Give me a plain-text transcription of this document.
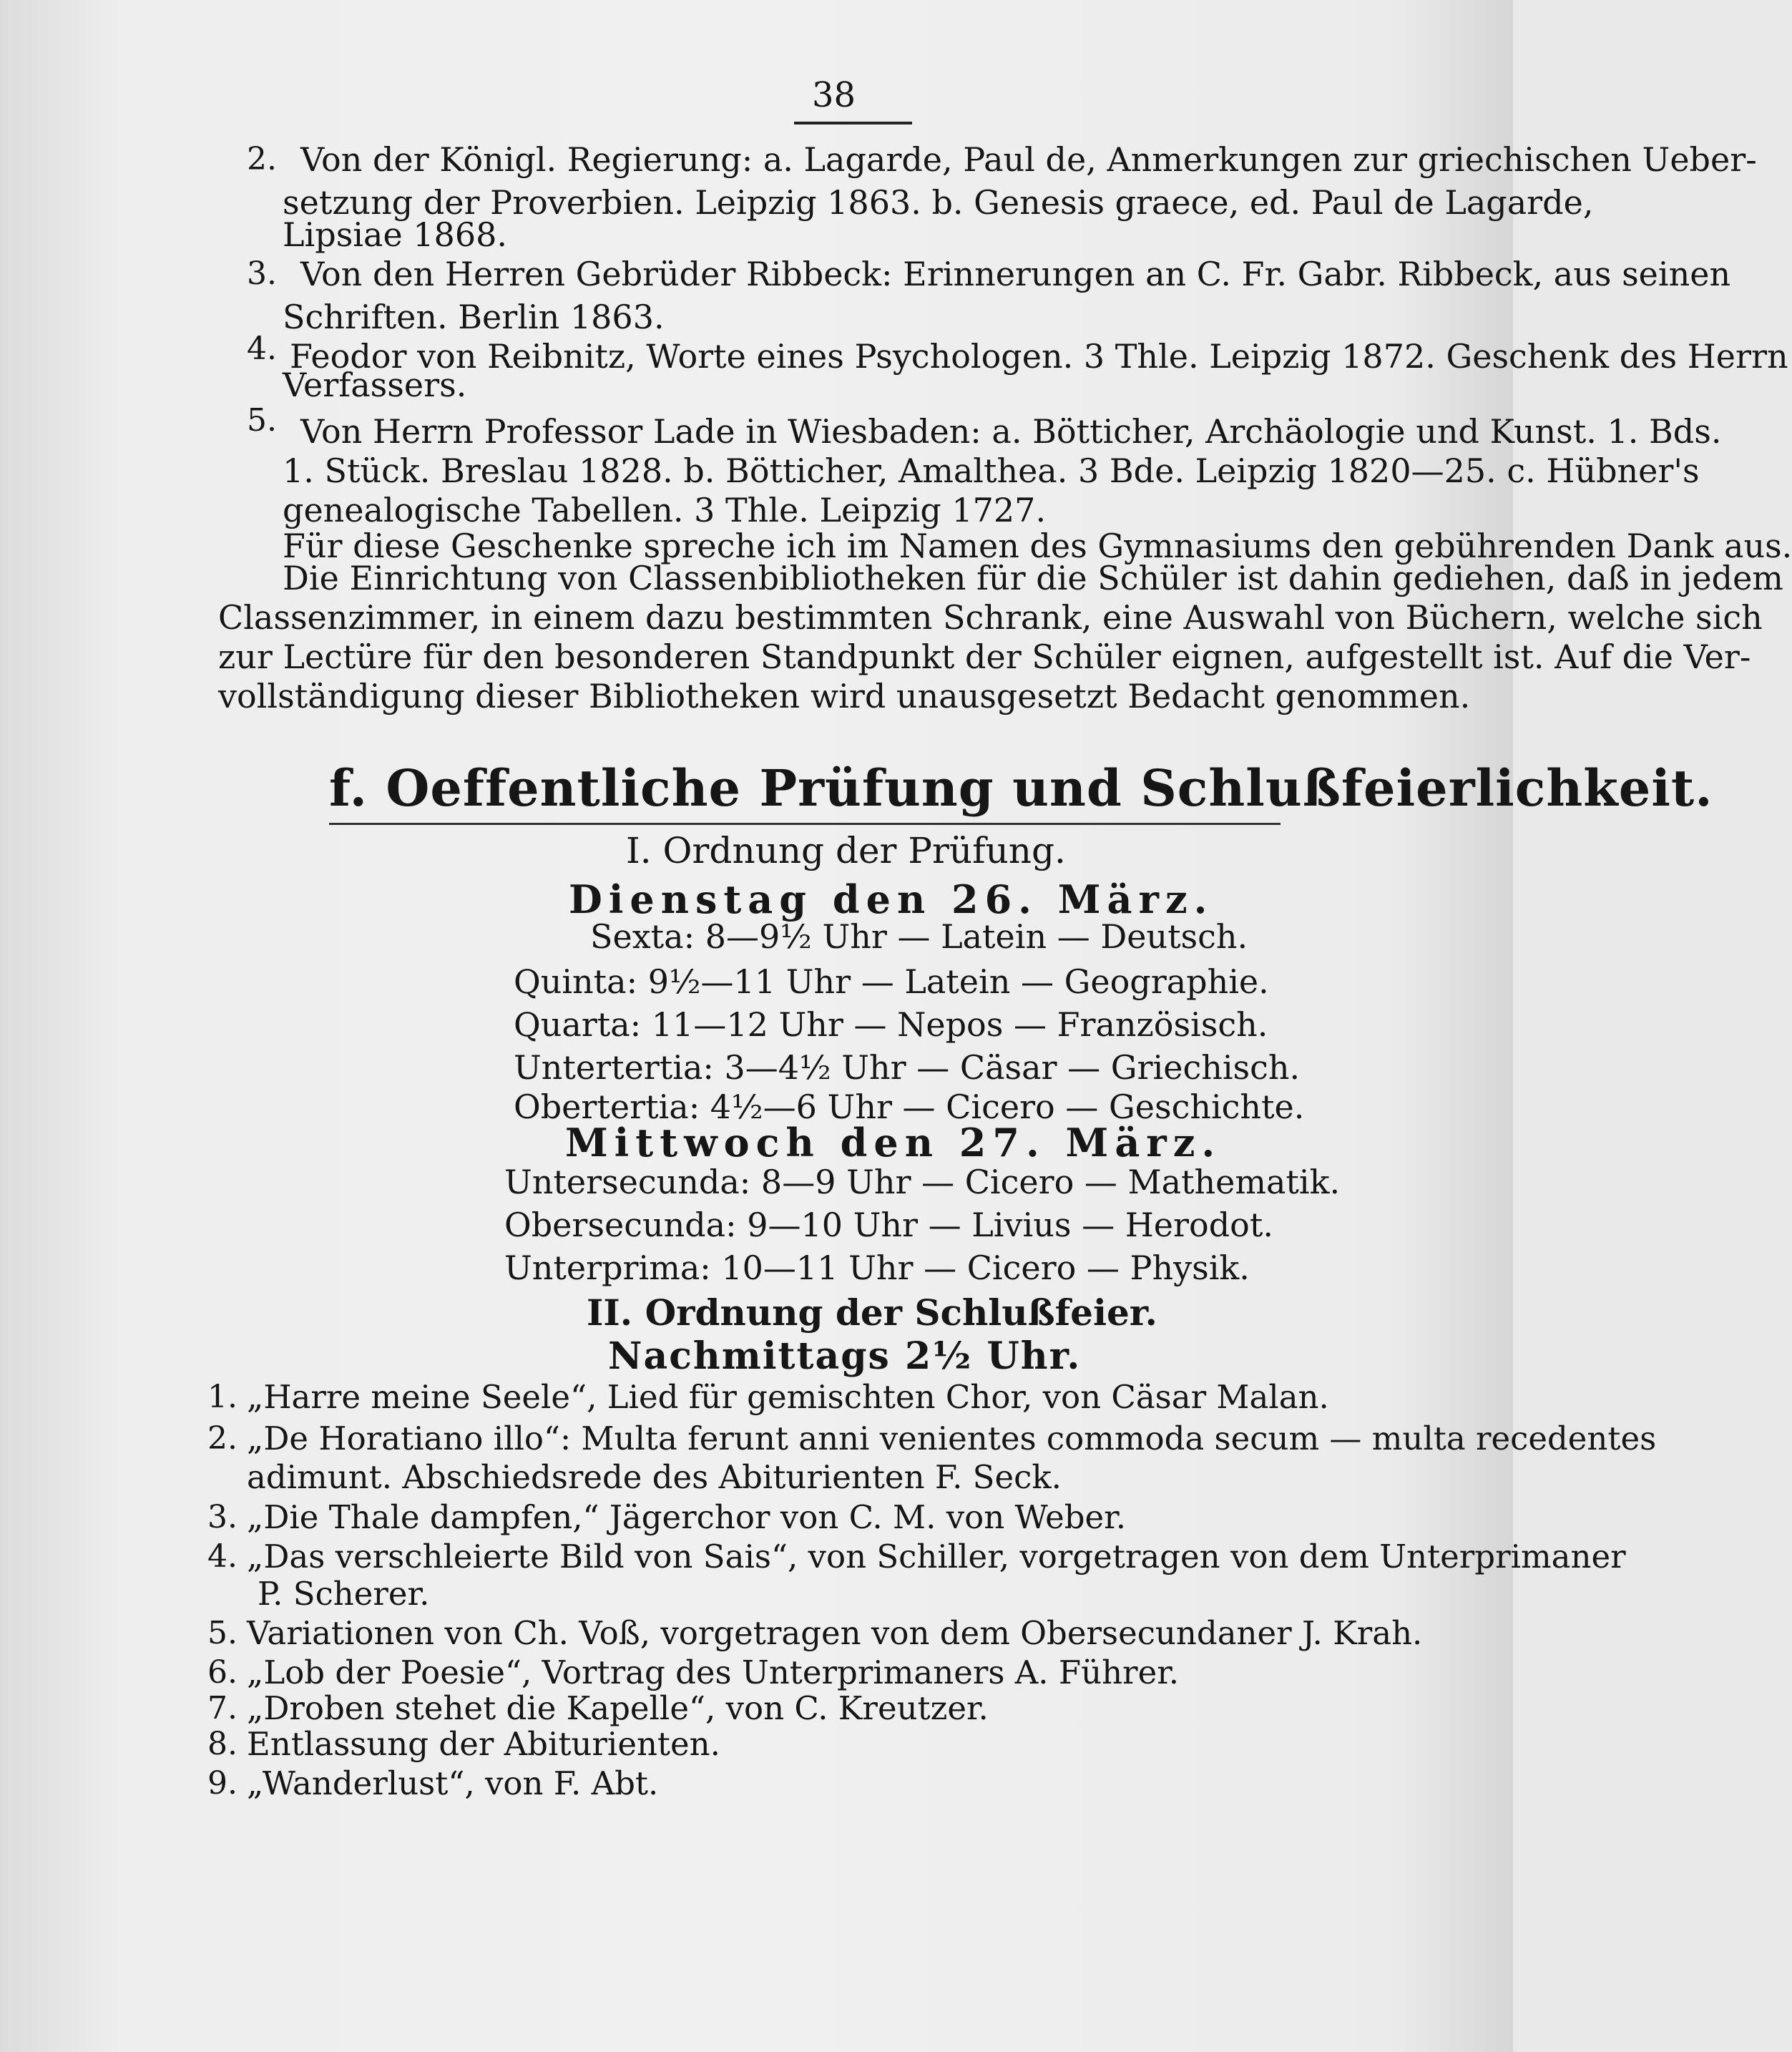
38
2. Von der Königl. Regierung: a. Lagarde, Paul de, Anmerkungen zur griechischen Ueber-
setzung der Proverbien. Leipzig 1863. b. Genesis graece, ed. Paul de Lagarde,
Lipsiae 1868.
3. Von den Herren Gebrüder Ribbeck: Erinnerungen an C. Fr. Gabr. Ribbeck, aus seinen
Schriften. Berlin 1863.
4. Feodor von Reibnitz, Worte eines Psychologen. 3 Thle. Leipzig 1872. Geschenk des Herrn
Verfassers.
5. Von Herrn Professor Lade in Wiesbaden: a. Bötticher, Archäologie und Kunst. 1. Bds.
1. Stück. Breslau 1828. b. Bötticher, Amalthea. 3 Bde. Leipzig 1820—25. c. Hübner's
genealogische Tabellen. 3 Thle. Leipzig 1727.
Für diese Geschenke spreche ich im Namen des Gymnasiums den gebührenden Dank aus.
Die Einrichtung von Classenbibliotheken für die Schüler ist dahin gediehen, daß in jedem
Classenzimmer, in einem dazu bestimmten Schrank, eine Auswahl von Büchern, welche sich
zur Lectüre für den besonderen Standpunkt der Schüler eignen, aufgestellt ist. Auf die Ver-
vollständigung dieser Bibliotheken wird unausgesetzt Bedacht genommen.
f. Oeffentliche Prüfung und Schlußfeierlichkeit.
I. Ordnung der Prüfung.
Dienstag den 26. März.
Sexta: 8—9½ Uhr — Latein — Deutsch.
Quinta: 9½—11 Uhr — Latein — Geographie.
Quarta: 11—12 Uhr — Nepos — Französisch.
Untertertia: 3—4½ Uhr — Cäsar — Griechisch.
Obertertia: 4½—6 Uhr — Cicero — Geschichte.
Mittwoch den 27. März.
Untersecunda: 8—9 Uhr — Cicero — Mathematik.
Obersecunda: 9—10 Uhr — Livius — Herodot.
Unterprima: 10—11 Uhr — Cicero — Physik.
II. Ordnung der Schlußfeier.
Nachmittags 2½ Uhr.
1. „Harre meine Seele“, Lied für gemischten Chor, von Cäsar Malan.
2. „De Horatiano illo“: Multa ferunt anni venientes commoda secum — multa recedentes
adimunt. Abschiedsrede des Abiturienten F. Seck.
3. „Die Thale dampfen,“ Jägerchor von C. M. von Weber.
4. „Das verschleierte Bild von Sais“, von Schiller, vorgetragen von dem Unterprimaner
P. Scherer.
5. Variationen von Ch. Voß, vorgetragen von dem Obersecundaner J. Krah.
6. „Lob der Poesie“, Vortrag des Unterprimaners A. Führer.
7. „Droben stehet die Kapelle“, von C. Kreutzer.
8. Entlassung der Abiturienten.
9. „Wanderlust“, von F. Abt.
